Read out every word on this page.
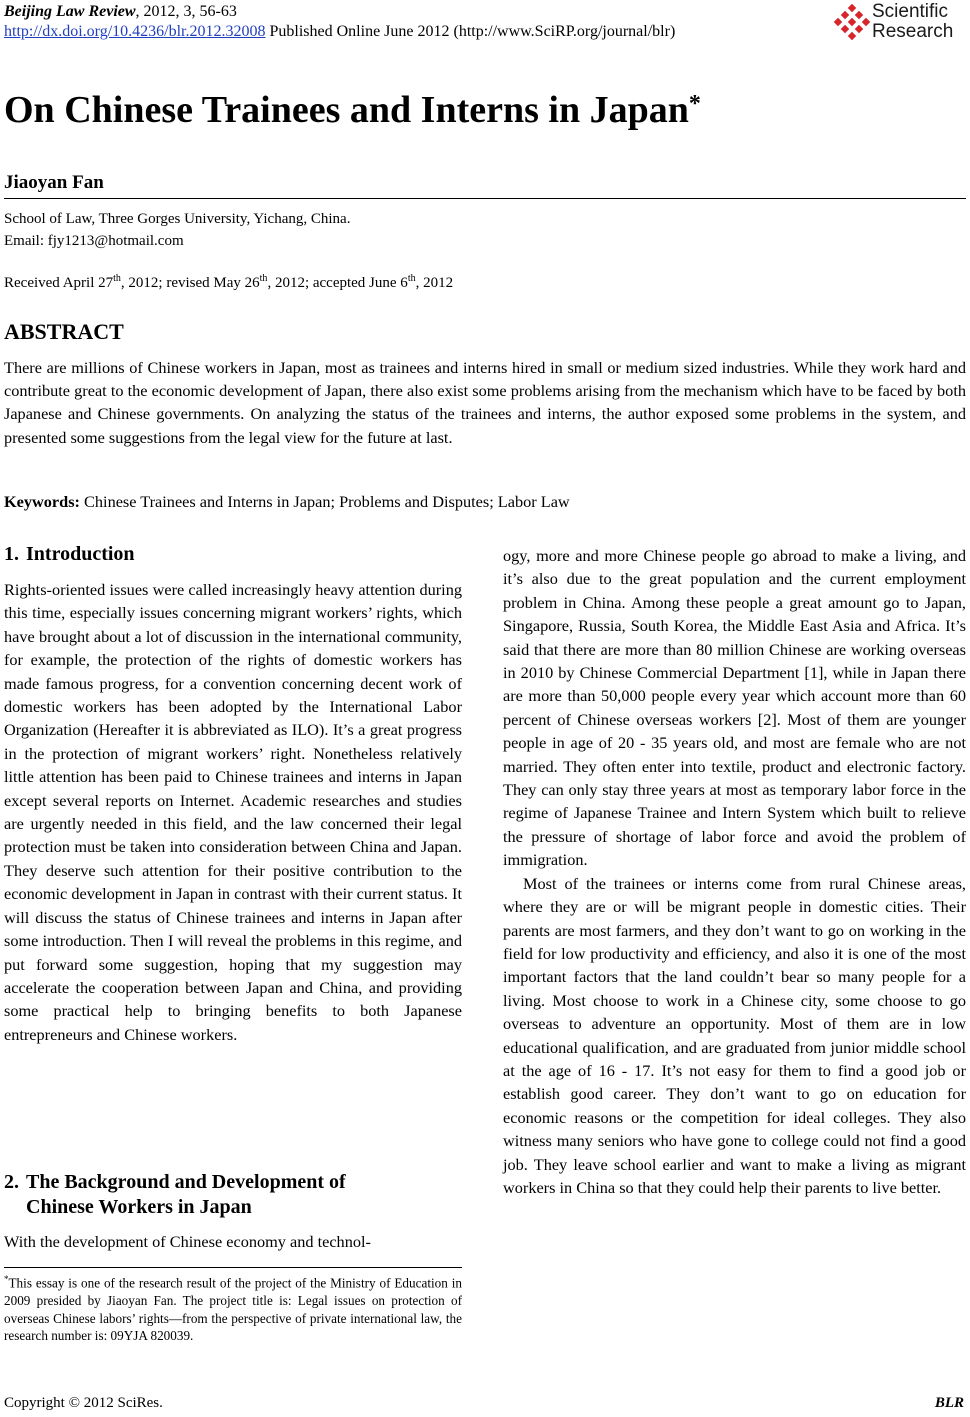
Beijing Law Review, 2012, 3, 56-63
http://dx.doi.org/10.4236/blr.2012.32008 Published Online June 2012 (http://www.SciRP.org/journal/blr)
Scientific
Research
On Chinese Trainees and Interns in Japan*
Jiaoyan Fan
School of Law, Three Gorges University, Yichang, China.
Email: fjy1213@hotmail.com
Received April 27th, 2012; revised May 26th, 2012; accepted June 6th, 2012
ABSTRACT
There are millions of Chinese workers in Japan, most as trainees and interns hired in small or medium sized industries. While they work hard and contribute great to the economic development of Japan, there also exist some problems arising from the mechanism which have to be faced by both Japanese and Chinese governments. On analyzing the status of the trainees and interns, the author exposed some problems in the system, and presented some suggestions from the legal view for the future at last.
Keywords: Chinese Trainees and Interns in Japan; Problems and Disputes; Labor Law
1. Introduction

Rights-oriented issues were called increasingly heavy attention during this time, especially issues concerning migrant workers’ rights, which have brought about a lot of discussion in the international community, for example, the protection of the rights of domestic workers has made famous progress, for a convention concerning decent work of domestic workers has been adopted by the International Labor Organization (Hereafter it is abbreviated as ILO). It’s a great progress in the protection of migrant workers’ right. Nonetheless relatively little attention has been paid to Chinese trainees and interns in Japan except several reports on Internet. Academic researches and studies are urgently needed in this field, and the law concerned their legal protection must be taken into consideration between China and Japan. They deserve such attention for their positive contribution to the economic development in Japan in contrast with their current status. It will discuss the status of Chinese trainees and interns in Japan after some introduction. Then I will reveal the problems in this regime, and put forward some suggestion, hoping that my suggestion may accelerate the cooperation between Japan and China, and providing some practical help to bringing benefits to both Japanese entrepreneurs and Chinese workers.

2. The Background and Development of
Chinese Workers in Japan

With the development of Chinese economy and technol-

*This essay is one of the research result of the project of the Ministry of Education in 2009 presided by Jiaoyan Fan. The project title is: Legal issues on protection of overseas Chinese labors’ rights—from the perspective of private international law, the research number is: 09YJA 820039.

ogy, more and more Chinese people go abroad to make a living, and it’s also due to the great population and the current employment problem in China. Among these people a great amount go to Japan, Singapore, Russia, South Korea, the Middle East Asia and Africa. It’s said that there are more than 80 million Chinese are working overseas in 2010 by Chinese Commercial Department [1], while in Japan there are more than 50,000 people every year which account more than 60 percent of Chinese overseas workers [2]. Most of them are younger people in age of 20 - 35 years old, and most are female who are not married. They often enter into textile, product and electronic factory. They can only stay three years at most as temporary labor force in the regime of Japanese Trainee and Intern System which built to relieve the pressure of shortage of labor force and avoid the problem of immigration.

Most of the trainees or interns come from rural Chinese areas, where they are or will be migrant people in domestic cities. Their parents are most farmers, and they don’t want to go on working in the field for low productivity and efficiency, and also it is one of the most important factors that the land couldn’t bear so many people for a living. Most choose to work in a Chinese city, some choose to go overseas to adventure an opportunity. Most of them are in low educational qualification, and are graduated from junior middle school at the age of 16 - 17. It’s not easy for them to find a good job or establish good career. They don’t want to go on education for economic reasons or the competition for ideal colleges. They also witness many seniors who have gone to college could not find a good job. They leave school earlier and want to make a living as migrant workers in China so that they could help their parents to live better.

Copyright © 2012 SciRes.	BLR
